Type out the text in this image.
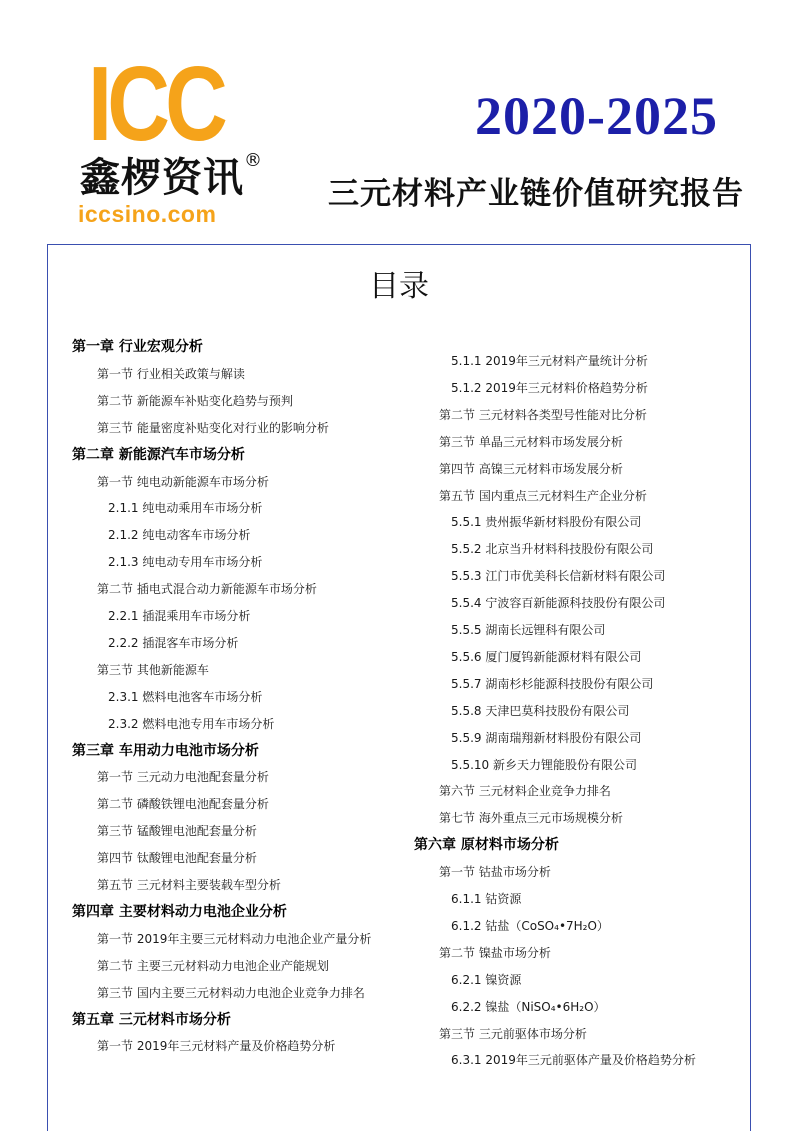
ICC
鑫椤资讯 ®
iccsino.com
2020-2025
三元材料产业链价值研究报告
目录
第一章 行业宏观分析
第一节 行业相关政策与解读
第二节 新能源车补贴变化趋势与预判
第三节 能量密度补贴变化对行业的影响分析
第二章 新能源汽车市场分析
第一节 纯电动新能源车市场分析
2.1.1 纯电动乘用车市场分析
2.1.2 纯电动客车市场分析
2.1.3 纯电动专用车市场分析
第二节 插电式混合动力新能源车市场分析
2.2.1 插混乘用车市场分析
2.2.2 插混客车市场分析
第三节 其他新能源车
2.3.1 燃料电池客车市场分析
2.3.2 燃料电池专用车市场分析
第三章 车用动力电池市场分析
第一节 三元动力电池配套量分析
第二节 磷酸铁锂电池配套量分析
第三节 锰酸锂电池配套量分析
第四节 钛酸锂电池配套量分析
第五节 三元材料主要装载车型分析
第四章 主要材料动力电池企业分析
第一节 2019年主要三元材料动力电池企业产量分析
第二节 主要三元材料动力电池企业产能规划
第三节 国内主要三元材料动力电池企业竞争力排名
第五章 三元材料市场分析
第一节 2019年三元材料产量及价格趋势分析
5.1.1 2019年三元材料产量统计分析
5.1.2 2019年三元材料价格趋势分析
第二节 三元材料各类型号性能对比分析
第三节 单晶三元材料市场发展分析
第四节 高镍三元材料市场发展分析
第五节 国内重点三元材料生产企业分析
5.5.1 贵州振华新材料股份有限公司
5.5.2 北京当升材料科技股份有限公司
5.5.3 江门市优美科长信新材料有限公司
5.5.4 宁波容百新能源科技股份有限公司
5.5.5 湖南长远锂科有限公司
5.5.6 厦门厦钨新能源材料有限公司
5.5.7 湖南杉杉能源科技股份有限公司
5.5.8 天津巴莫科技股份有限公司
5.5.9 湖南瑞翔新材料股份有限公司
5.5.10 新乡天力锂能股份有限公司
第六节 三元材料企业竞争力排名
第七节 海外重点三元市场规模分析
第六章 原材料市场分析
第一节 钴盐市场分析
6.1.1 钴资源
6.1.2 钴盐（CoSO₄•7H₂O）
第二节 镍盐市场分析
6.2.1 镍资源
6.2.2 镍盐（NiSO₄•6H₂O）
第三节 三元前驱体市场分析
6.3.1 2019年三元前驱体产量及价格趋势分析
